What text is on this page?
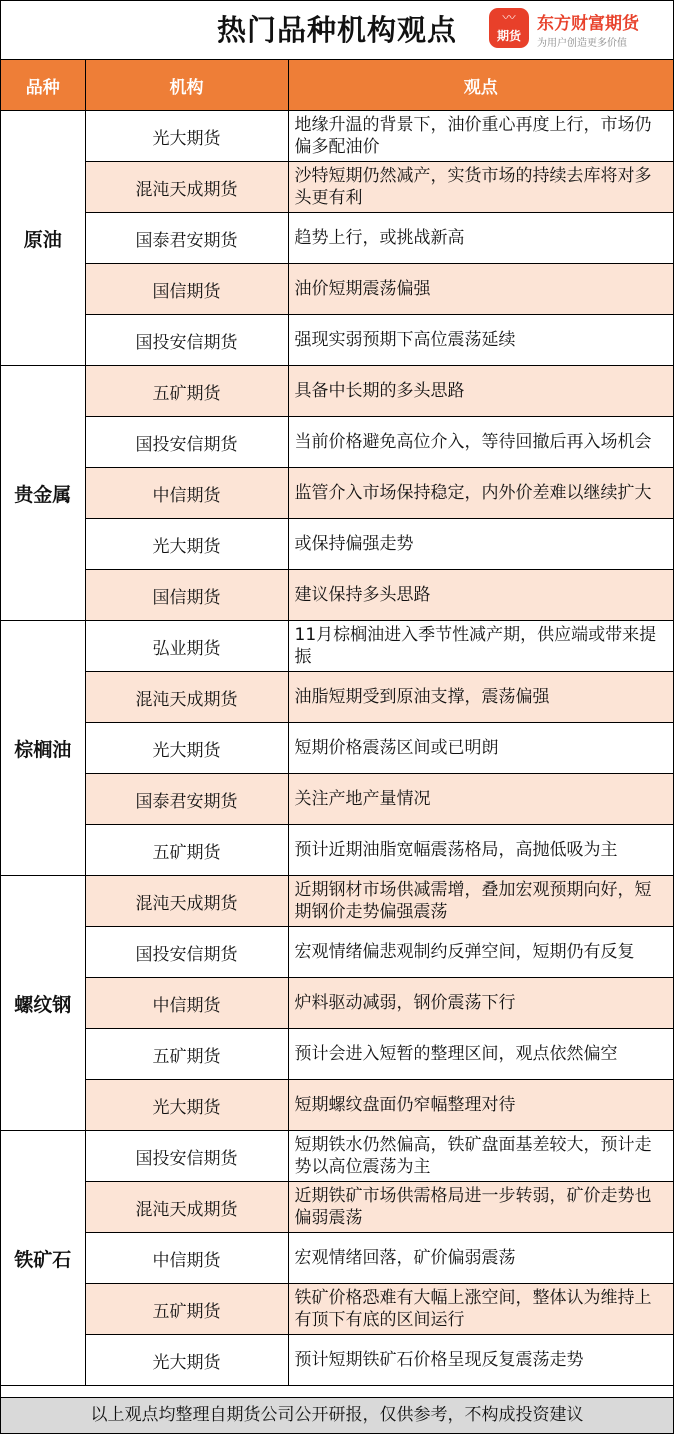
热门品种机构观点	〰
期货
东方财富期货
为用户创造更多价值
品种	机构	观点
原油	光大期货	地缘升温的背景下，油价重心再度上行，市场仍偏多配油价
	混沌天成期货	沙特短期仍然减产，实货市场的持续去库将对多头更有利
	国泰君安期货	趋势上行，或挑战新高
	国信期货	油价短期震荡偏强
	国投安信期货	强现实弱预期下高位震荡延续
贵金属	五矿期货	具备中长期的多头思路
	国投安信期货	当前价格避免高位介入，等待回撤后再入场机会
	中信期货	监管介入市场保持稳定，内外价差难以继续扩大
	光大期货	或保持偏强走势
	国信期货	建议保持多头思路
棕榈油	弘业期货	11月棕榈油进入季节性减产期，供应端或带来提振
	混沌天成期货	油脂短期受到原油支撑，震荡偏强
	光大期货	短期价格震荡区间或已明朗
	国泰君安期货	关注产地产量情况
	五矿期货	预计近期油脂宽幅震荡格局，高抛低吸为主
螺纹钢	混沌天成期货	近期钢材市场供减需增，叠加宏观预期向好，短期钢价走势偏强震荡
	国投安信期货	宏观情绪偏悲观制约反弹空间，短期仍有反复
	中信期货	炉料驱动减弱，钢价震荡下行
	五矿期货	预计会进入短暂的整理区间，观点依然偏空
	光大期货	短期螺纹盘面仍窄幅整理对待
铁矿石	国投安信期货	短期铁水仍然偏高，铁矿盘面基差较大，预计走势以高位震荡为主
	混沌天成期货	近期铁矿市场供需格局进一步转弱，矿价走势也偏弱震荡
	中信期货	宏观情绪回落，矿价偏弱震荡
	五矿期货	铁矿价格恐难有大幅上涨空间，整体认为维持上有顶下有底的区间运行
	光大期货	预计短期铁矿石价格呈现反复震荡走势
以上观点均整理自期货公司公开研报，仅供参考，不构成投资建议
